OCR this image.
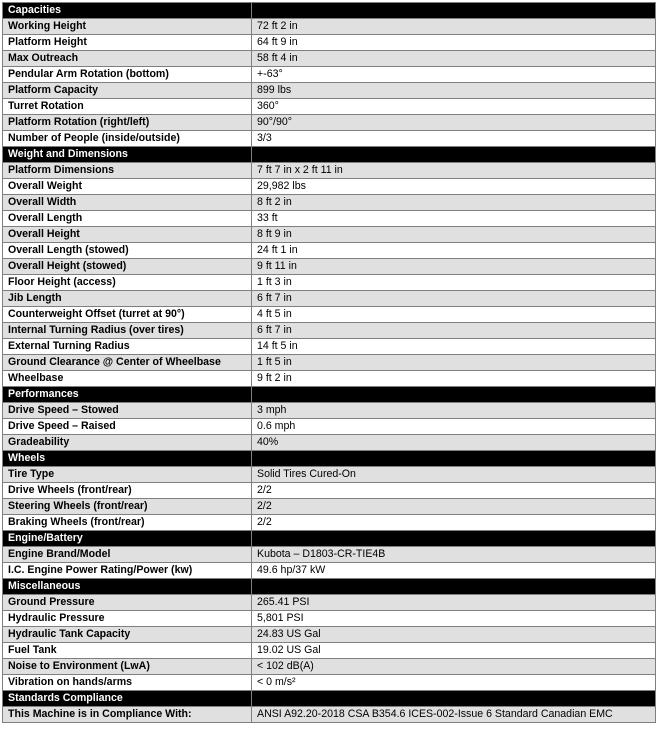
Capacities	
Working Height	72 ft 2 in
Platform Height	64 ft 9 in
Max Outreach	58 ft 4 in
Pendular Arm Rotation (bottom)	+-63°
Platform Capacity	899 lbs
Turret Rotation	360°
Platform Rotation (right/left)	90°/90°
Number of People (inside/outside)	3/3
Weight and Dimensions	
Platform Dimensions	7 ft 7 in x 2 ft 11 in
Overall Weight	29,982 lbs
Overall Width	8 ft 2 in
Overall Length	33 ft
Overall Height	8 ft 9 in
Overall Length (stowed)	24 ft 1 in
Overall Height (stowed)	9 ft 11 in
Floor Height (access)	1 ft 3 in
Jib Length	6 ft 7 in
Counterweight Offset (turret at 90°)	4 ft 5 in
Internal Turning Radius (over tires)	6 ft 7 in
External Turning Radius	14 ft 5 in
Ground Clearance @ Center of Wheelbase	1 ft 5 in
Wheelbase	9 ft 2 in
Performances	
Drive Speed – Stowed	3 mph
Drive Speed – Raised	0.6 mph
Gradeability	40%
Wheels	
Tire Type	Solid Tires Cured-On
Drive Wheels (front/rear)	2/2
Steering Wheels (front/rear)	2/2
Braking Wheels (front/rear)	2/2
Engine/Battery	
Engine Brand/Model	Kubota – D1803-CR-TIE4B
I.C. Engine Power Rating/Power (kw)	49.6 hp/37 kW
Miscellaneous	
Ground Pressure	265.41 PSI
Hydraulic Pressure	5,801 PSI
Hydraulic Tank Capacity	24.83 US Gal
Fuel Tank	19.02 US Gal
Noise to Environment (LwA)	< 102 dB(A)
Vibration on hands/arms	< 0 m/s²
Standards Compliance	
This Machine is in Compliance With:	ANSI A92.20-2018 CSA B354.6 ICES-002-Issue 6 Standard Canadian EMC
